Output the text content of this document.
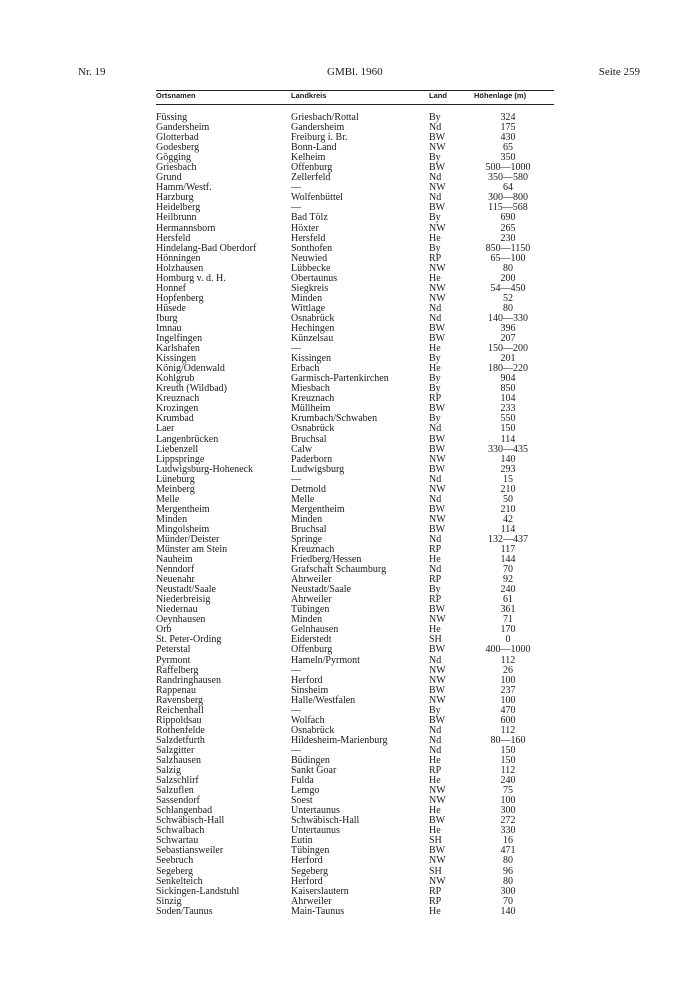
Nr. 19	GMBl. 1960	Seite 259
Ortsnamen	Landkreis	Land	Höhenlage (m)
Füssing	Griesbach/Rottal	By	324
Gandersheim	Gandersheim	Nd	175
Glotterbad	Freiburg i. Br.	BW	430
Godesberg	Bonn-Land	NW	65
Gögging	Kelheim	By	350
Griesbach	Offenburg	BW	500—1000
Grund	Zellerfeld	Nd	350—580
Hamm/Westf.	—	NW	64
Harzburg	Wolfenbüttel	Nd	300—800
Heidelberg	—	BW	115—568
Heilbrunn	Bad Tölz	By	690
Hermannsborn	Höxter	NW	265
Hersfeld	Hersfeld	He	230
Hindelang-Bad Oberdorf	Sonthofen	By	850—1150
Hönningen	Neuwied	RP	65—100
Holzhausen	Lübbecke	NW	80
Homburg v. d. H.	Obertaunus	He	200
Honnef	Siegkreis	NW	54—450
Hopfenberg	Minden	NW	52
Hüsede	Wittlage	Nd	80
Iburg	Osnabrück	Nd	140—330
Imnau	Hechingen	BW	396
Ingelfingen	Künzelsau	BW	207
Karlshafen	—	He	150—200
Kissingen	Kissingen	By	201
König/Odenwald	Erbach	He	180—220
Kohlgrub	Garmisch-Partenkirchen	By	904
Kreuth (Wildbad)	Miesbach	By	850
Kreuznach	Kreuznach	RP	104
Krozingen	Müllheim	BW	233
Krumbad	Krumbach/Schwaben	By	550
Laer	Osnabrück	Nd	150
Langenbrücken	Bruchsal	BW	114
Liebenzell	Calw	BW	330—435
Lippspringe	Paderborn	NW	140
Ludwigsburg-Hoheneck	Ludwigsburg	BW	293
Lüneburg	—	Nd	15
Meinberg	Detmold	NW	210
Melle	Melle	Nd	50
Mergentheim	Mergentheim	BW	210
Minden	Minden	NW	42
Mingolsheim	Bruchsal	BW	114
Münder/Deister	Springe	Nd	132—437
Münster am Stein	Kreuznach	RP	117
Nauheim	Friedberg/Hessen	He	144
Nenndorf	Grafschaft Schaumburg	Nd	70
Neuenahr	Ahrweiler	RP	92
Neustadt/Saale	Neustadt/Saale	By	240
Niederbreisig	Ahrweiler	RP	61
Niedernau	Tübingen	BW	361
Oeynhausen	Minden	NW	71
Orb	Gelnhausen	He	170
St. Peter-Ording	Eiderstedt	SH	0
Peterstal	Offenburg	BW	400—1000
Pyrmont	Hameln/Pyrmont	Nd	112
Raffelberg	—	NW	26
Randringhausen	Herford	NW	100
Rappenau	Sinsheim	BW	237
Ravensberg	Halle/Westfalen	NW	100
Reichenhall	—	By	470
Rippoldsau	Wolfach	BW	600
Rothenfelde	Osnabrück	Nd	112
Salzdetfurth	Hildesheim-Marienburg	Nd	80—160
Salzgitter	—	Nd	150
Salzhausen	Büdingen	He	150
Salzig	Sankt Goar	RP	112
Salzschlirf	Fulda	He	240
Salzuflen	Lemgo	NW	75
Sassendorf	Soest	NW	100
Schlangenbad	Untertaunus	He	300
Schwäbisch-Hall	Schwäbisch-Hall	BW	272
Schwalbach	Untertaunus	He	330
Schwartau	Eutin	SH	16
Sebastiansweiler	Tübingen	BW	471
Seebruch	Herford	NW	80
Segeberg	Segeberg	SH	96
Senkelteich	Herford	NW	80
Sickingen-Landstuhl	Kaiserslautern	RP	300
Sinzig	Ahrweiler	RP	70
Soden/Taunus	Main-Taunus	He	140
